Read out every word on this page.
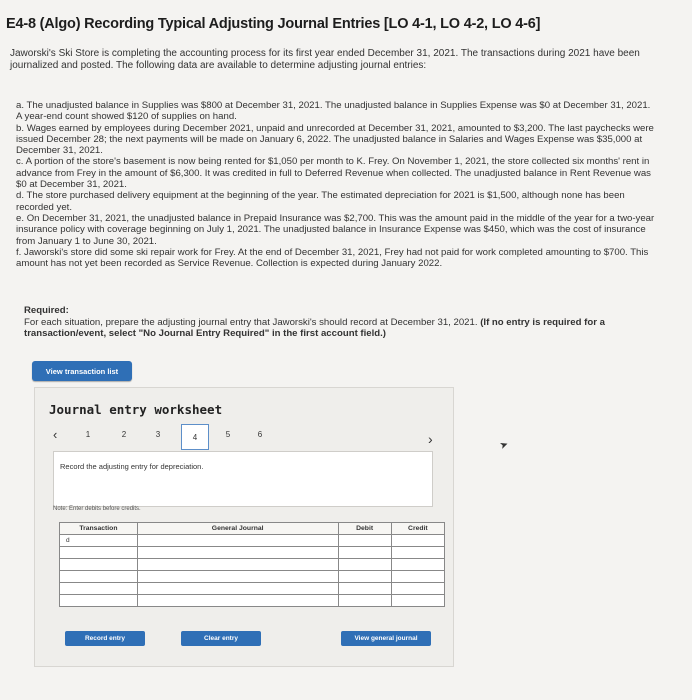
E4-8 (Algo) Recording Typical Adjusting Journal Entries [LO 4-1, LO 4-2, LO 4-6]
Jaworski's Ski Store is completing the accounting process for its first year ended December 31, 2021. The transactions during 2021 have been journalized and posted. The following data are available to determine adjusting journal entries:
a. The unadjusted balance in Supplies was $800 at December 31, 2021. The unadjusted balance in Supplies Expense was $0 at December 31, 2021. A year-end count showed $120 of supplies on hand.
b. Wages earned by employees during December 2021, unpaid and unrecorded at December 31, 2021, amounted to $3,200. The last paychecks were issued December 28; the next payments will be made on January 6, 2022. The unadjusted balance in Salaries and Wages Expense was $35,000 at December 31, 2021.
c. A portion of the store's basement is now being rented for $1,050 per month to K. Frey. On November 1, 2021, the store collected six months' rent in advance from Frey in the amount of $6,300. It was credited in full to Deferred Revenue when collected. The unadjusted balance in Rent Revenue was $0 at December 31, 2021.
d. The store purchased delivery equipment at the beginning of the year. The estimated depreciation for 2021 is $1,500, although none has been recorded yet.
e. On December 31, 2021, the unadjusted balance in Prepaid Insurance was $2,700. This was the amount paid in the middle of the year for a two-year insurance policy with coverage beginning on July 1, 2021. The unadjusted balance in Insurance Expense was $450, which was the cost of insurance from January 1 to June 30, 2021.
f. Jaworski's store did some ski repair work for Frey. At the end of December 31, 2021, Frey had not paid for work completed amounting to $700. This amount has not yet been recorded as Service Revenue. Collection is expected during January 2022.
Required:
For each situation, prepare the adjusting journal entry that Jaworski's should record at December 31, 2021. (If no entry is required for a transaction/event, select "No Journal Entry Required" in the first account field.)
View transaction list
Journal entry worksheet
‹	1	2	3	4	5	6
Record the adjusting entry for depreciation.
Note: Enter debits before credits.
Transaction	General Journal	Debit	Credit
d			

Record entry	Clear entry	View general journal
›	➤
